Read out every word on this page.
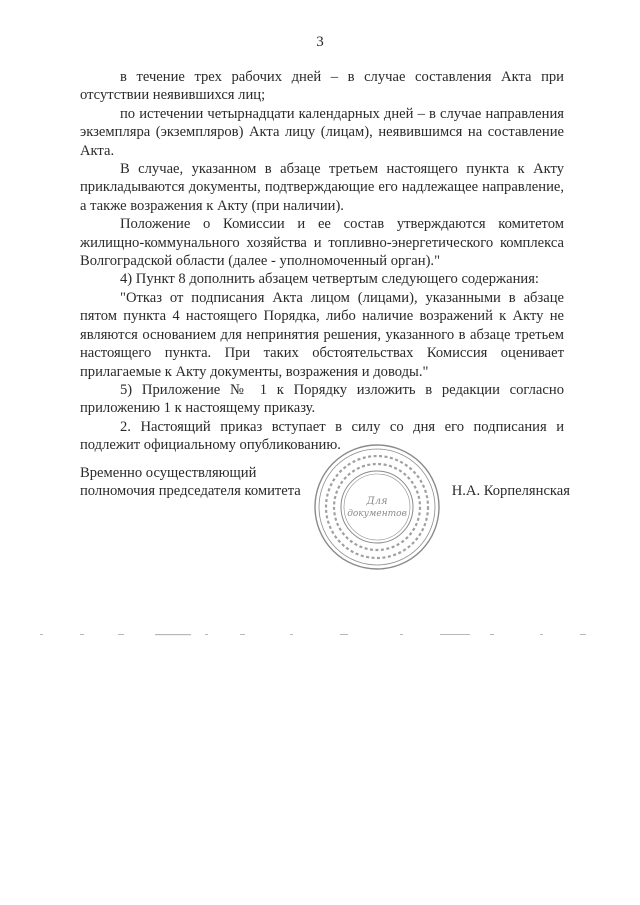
3

в течение трех рабочих дней – в случае составления Акта при отсутствии неявившихся лиц;

по истечении четырнадцати календарных дней – в случае направления экземпляра (экземпляров) Акта лицу (лицам), неявившимся на составление Акта.

В случае, указанном в абзаце третьем настоящего пункта к Акту прикладываются документы, подтверждающие его надлежащее направление, а также возражения к Акту (при наличии).

Положение о Комиссии и ее состав утверждаются комитетом жилищно-коммунального хозяйства и топливно-энергетического комплекса Волгоградской области (далее - уполномоченный орган)."

4) Пункт 8 дополнить абзацем четвертым следующего содержания:

"Отказ от подписания Акта лицом (лицами), указанными в абзаце пятом пункта 4 настоящего Порядка, либо наличие возражений к Акту не являются основанием для непринятия решения, указанного в абзаце третьем настоящего пункта. При таких обстоятельствах Комиссия оценивает прилагаемые к Акту документы, возражения и доводы."

5) Приложение № 1 к Порядку изложить в редакции согласно приложению 1 к настоящему приказу.

2. Настоящий приказ вступает в силу со дня его подписания и подлежит официальному опубликованию.

Временно осуществляющий
полномочия председателя комитета
Для
документов
Н.А. Корпелянская
